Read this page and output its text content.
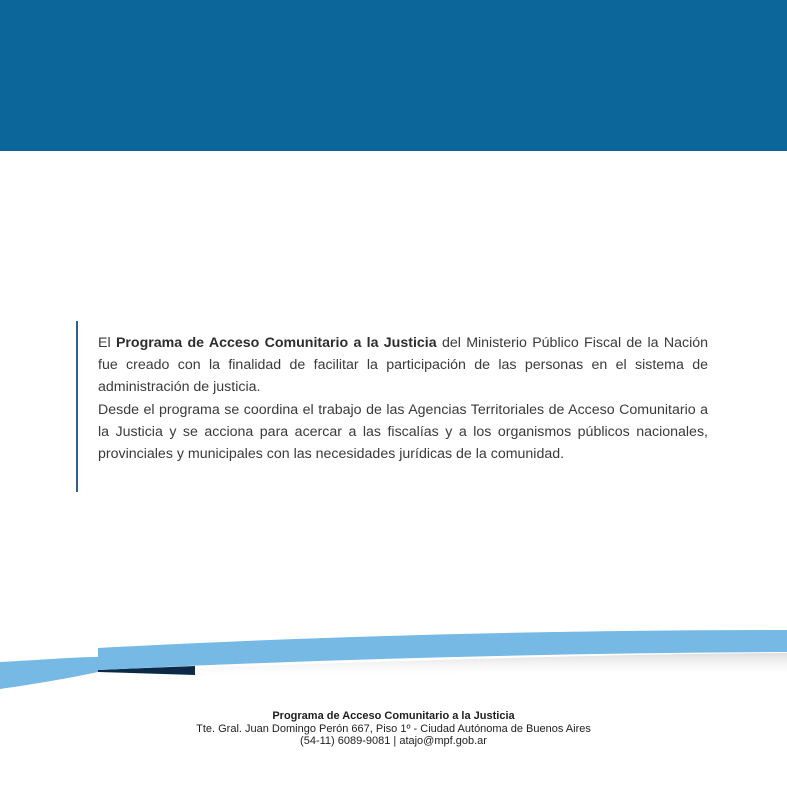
El Programa de Acceso Comunitario a la Justicia del Ministerio Público Fiscal de la Nación fue creado con la finalidad de facilitar la participación de las personas en el sistema de administración de justicia.

Desde el programa se coordina el trabajo de las Agencias Territoriales de Acceso Comunitario a la Justicia y se acciona para acercar a las fiscalías y a los organismos públicos nacionales, provinciales y municipales con las necesidades jurídicas de la comunidad.

Programa de Acceso Comunitario a la Justicia
Tte. Gral. Juan Domingo Perón 667, Piso 1º - Ciudad Autónoma de Buenos Aires
(54-11) 6089-9081 | atajo@mpf.gob.ar
